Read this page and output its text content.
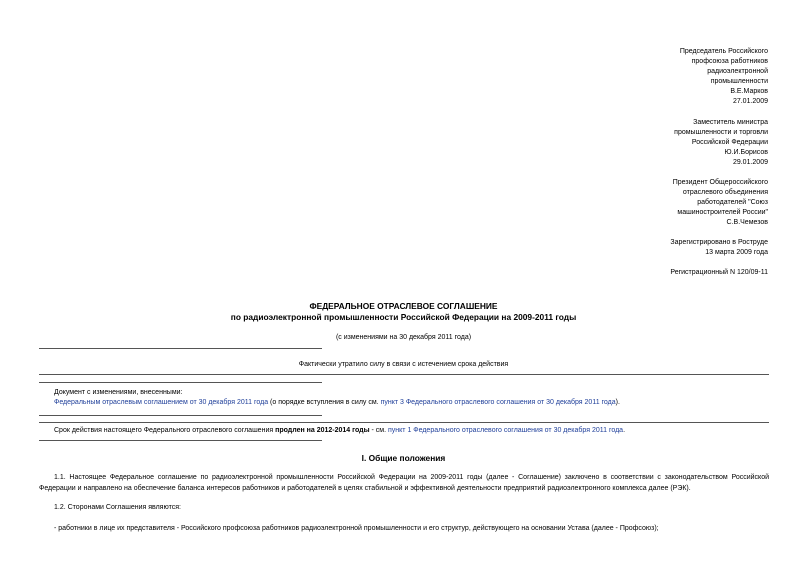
Председатель Российского
профсоюза работников
радиоэлектронной
промышленности
В.Е.Марков
27.01.2009
Заместитель министра
промышленности и торговли
Российской Федерации
Ю.И.Борисов
29.01.2009
Президент Общероссийского
отраслевого объединения
работодателей "Союз
машиностроителей России"
С.В.Чемезов
Зарегистрировано в Роструде
13 марта 2009 года
Регистрационный N 120/09-11
ФЕДЕРАЛЬНОЕ ОТРАСЛЕВОЕ СОГЛАШЕНИЕ
по радиоэлектронной промышленности Российской Федерации на 2009-2011 годы
(с изменениями на 30 декабря 2011 года)
Фактически утратило силу в связи с истечением срока действия
Документ с изменениями, внесенными:
Федеральным отраслевым соглашением от 30 декабря 2011 года (о порядке вступления в силу см. пункт 3 Федерального отраслевого соглашения от 30 декабря 2011 года).
Срок действия настоящего Федерального отраслевого соглашения продлен на 2012-2014 годы - см. пункт 1 Федерального отраслевого соглашения от 30 декабря 2011 года.
I. Общие положения
1.1. Настоящее Федеральное соглашение по радиоэлектронной промышленности Российской Федерации на 2009-2011 годы (далее - Соглашение) заключено в соответствии с законодательством Российской Федерации и направлено на обеспечение баланса интересов работников и работодателей в целях стабильной и эффективной деятельности предприятий радиоэлектронного комплекса далее (РЭК).
1.2. Сторонами Соглашения являются:
- работники в лице их представителя - Российского профсоюза работников радиоэлектронной промышленности и его структур, действующего на основании Устава (далее - Профсоюз);
